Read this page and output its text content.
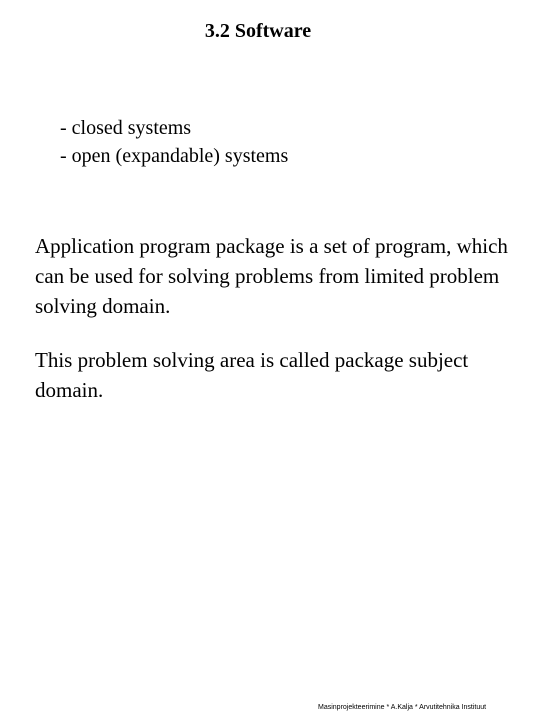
3.2 Software
- closed systems
- open (expandable) systems

Application program package is a set of program, which can be used for solving problems from limited problem solving domain.

This problem solving area is called package subject domain.

Masinprojekteerimine * A.Kalja * Arvutitehnika Instituut
